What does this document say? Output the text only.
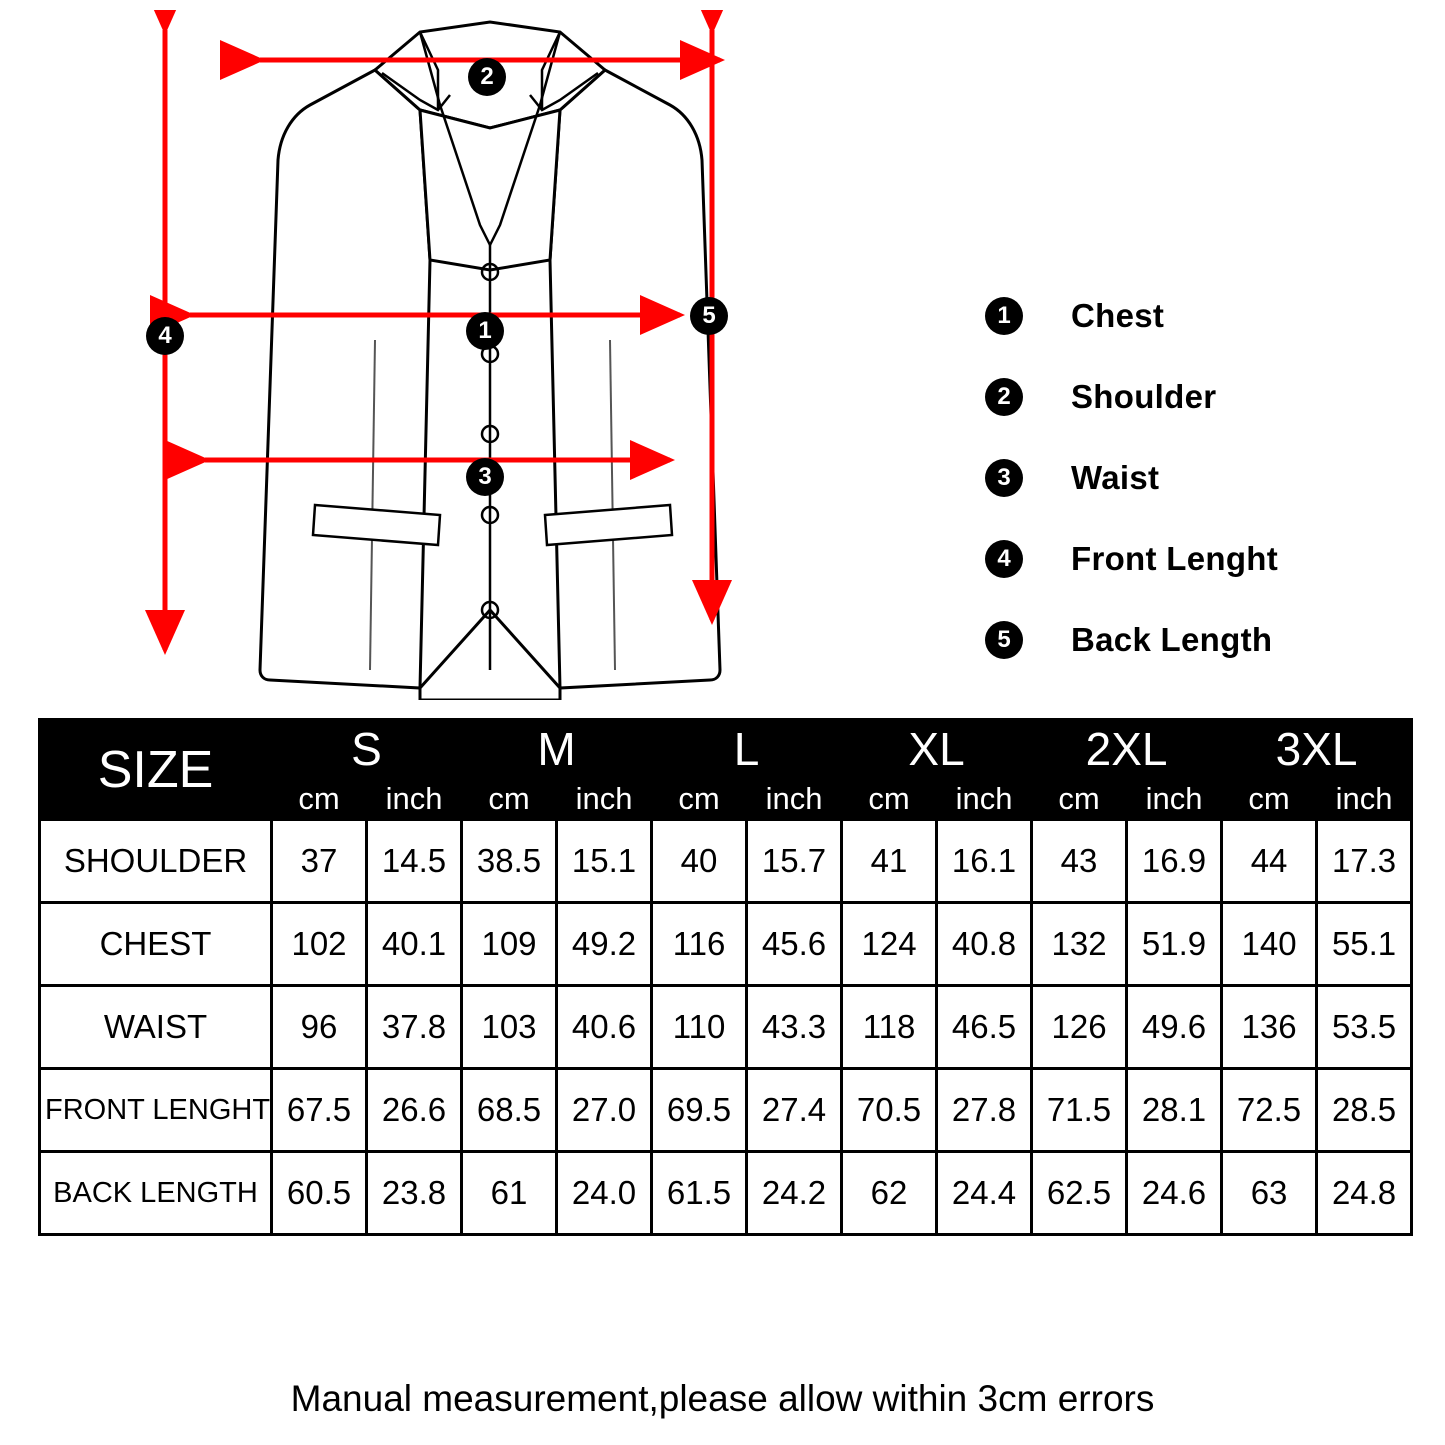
2
1
3
4
5	1	Chest
2	Shoulder
3	Waist
4	Front Lenght
5	Back Length
SIZE	S		M		L		XL		2XL		3XL	
	cm	inch	cm	inch	cm	inch	cm	inch	cm	inch	cm	inch
SHOULDER	37	14.5	38.5	15.1	40	15.7	41	16.1	43	16.9	44	17.3
CHEST	102	40.1	109	49.2	116	45.6	124	40.8	132	51.9	140	55.1
WAIST	96	37.8	103	40.6	110	43.3	118	46.5	126	49.6	136	53.5
FRONT LENGHT	67.5	26.6	68.5	27.0	69.5	27.4	70.5	27.8	71.5	28.1	72.5	28.5
BACK LENGTH	60.5	23.8	61	24.0	61.5	24.2	62	24.4	62.5	24.6	63	24.8
Manual measurement,please allow within 3cm errors
